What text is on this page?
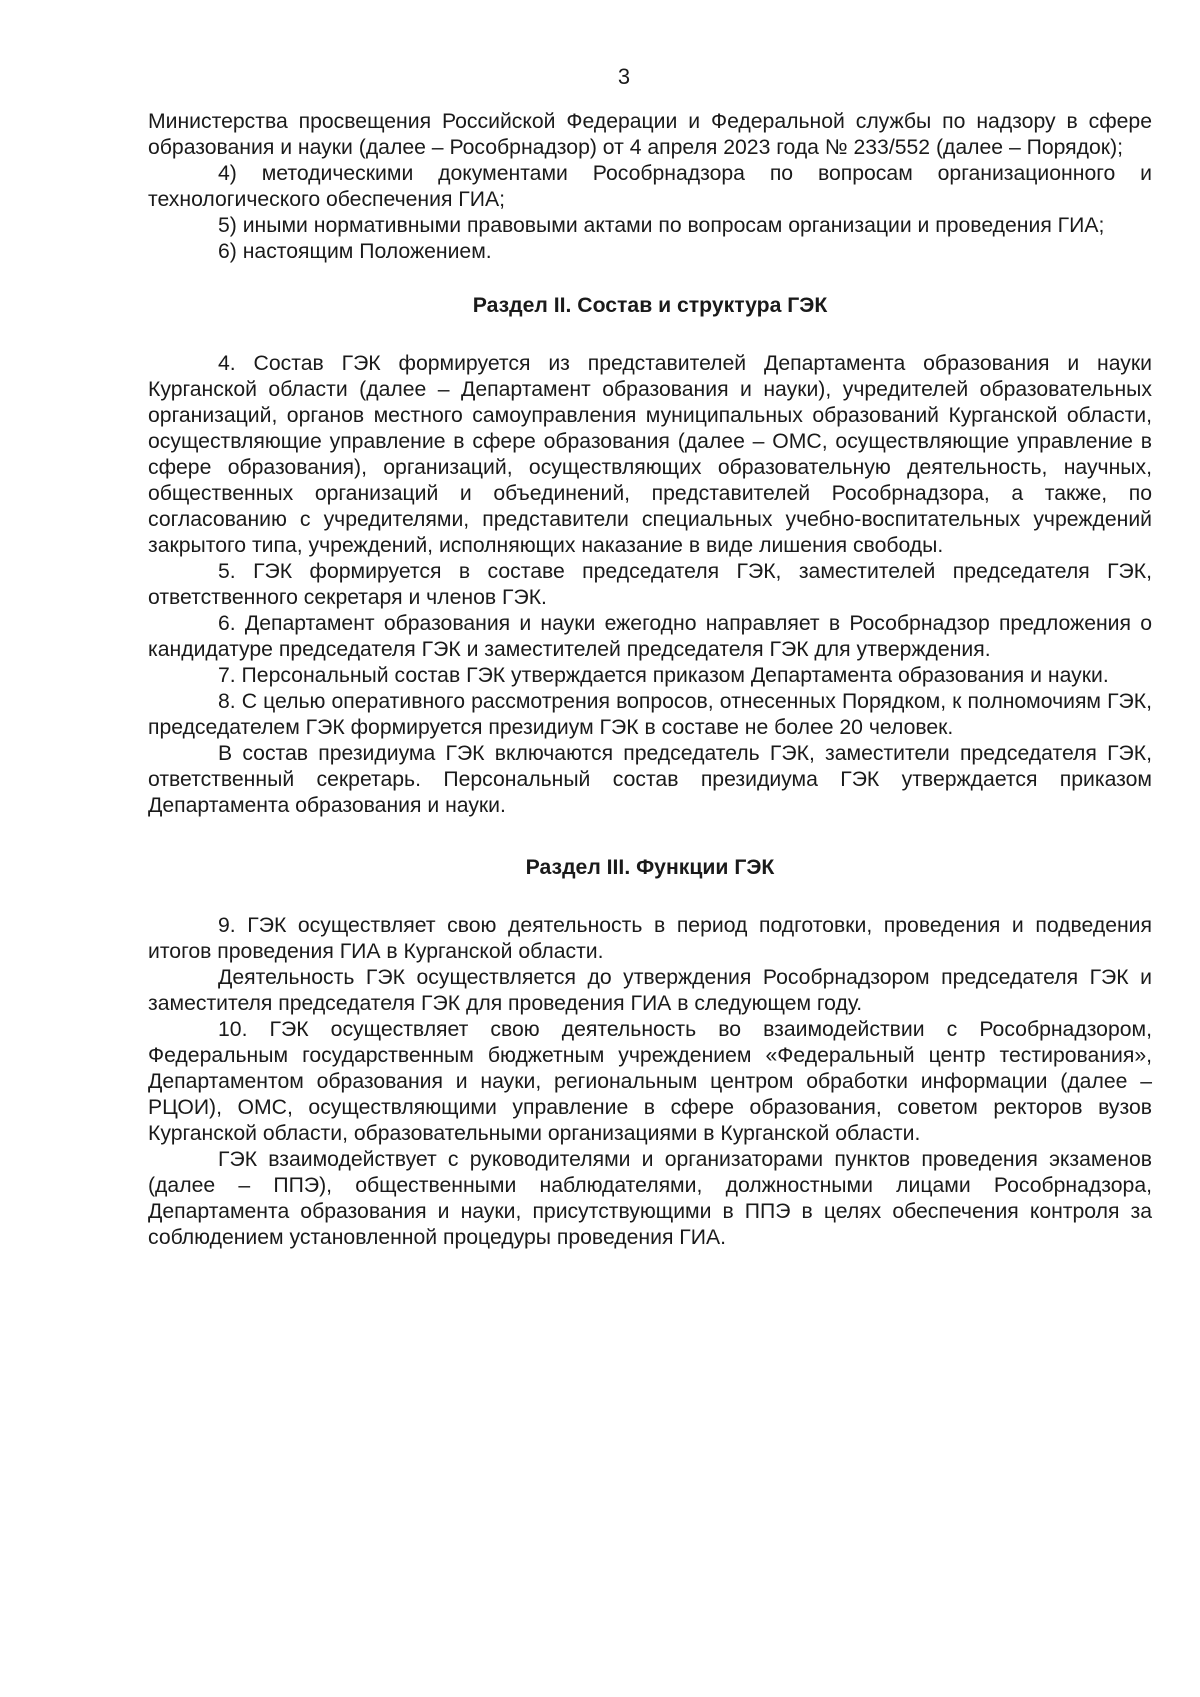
3

Министерства просвещения Российской Федерации и Федеральной службы по надзору в сфере образования и науки (далее – Рособрнадзор) от 4 апреля 2023 года № 233/552 (далее – Порядок);

4) методическими документами Рособрнадзора по вопросам организационного и технологического обеспечения ГИА;

5) иными нормативными правовыми актами по вопросам организации и проведения ГИА;

6) настоящим Положением.

Раздел II. Состав и структура ГЭК

4. Состав ГЭК формируется из представителей Департамента образования и науки Курганской области (далее – Департамент образования и науки), учредителей образовательных организаций, органов местного самоуправления муниципальных образований Курганской области, осуществляющие управление в сфере образования (далее – ОМС, осуществляющие управление в сфере образования), организаций, осуществляющих образовательную деятельность, научных, общественных организаций и объединений, представителей Рособрнадзора, а также, по согласованию с учредителями, представители специальных учебно-воспитательных учреждений закрытого типа, учреждений, исполняющих наказание в виде лишения свободы.

5. ГЭК формируется в составе председателя ГЭК, заместителей председателя ГЭК, ответственного секретаря и членов ГЭК.

6. Департамент образования и науки ежегодно направляет в Рособрнадзор предложения о кандидатуре председателя ГЭК и заместителей председателя ГЭК для утверждения.

7. Персональный состав ГЭК утверждается приказом Департамента образования и науки.

8. С целью оперативного рассмотрения вопросов, отнесенных Порядком, к полномочиям ГЭК, председателем ГЭК формируется президиум ГЭК в составе не более 20 человек.

В состав президиума ГЭК включаются председатель ГЭК, заместители председателя ГЭК, ответственный секретарь. Персональный состав президиума ГЭК утверждается приказом Департамента образования и науки.

Раздел III. Функции ГЭК

9. ГЭК осуществляет свою деятельность в период подготовки, проведения и подведения итогов проведения ГИА в Курганской области.

Деятельность ГЭК осуществляется до утверждения Рособрнадзором председателя ГЭК и заместителя председателя ГЭК для проведения ГИА в следующем году.

10. ГЭК осуществляет свою деятельность во взаимодействии с Рособрнадзором, Федеральным государственным бюджетным учреждением «Федеральный центр тестирования», Департаментом образования и науки, региональным центром обработки информации (далее – РЦОИ), ОМС, осуществляющими управление в сфере образования, советом ректоров вузов Курганской области, образовательными организациями в Курганской области.

ГЭК взаимодействует с руководителями и организаторами пунктов проведения экзаменов (далее – ППЭ), общественными наблюдателями, должностными лицами Рособрнадзора, Департамента образования и науки, присутствующими в ППЭ в целях обеспечения контроля за соблюдением установленной процедуры проведения ГИА.
